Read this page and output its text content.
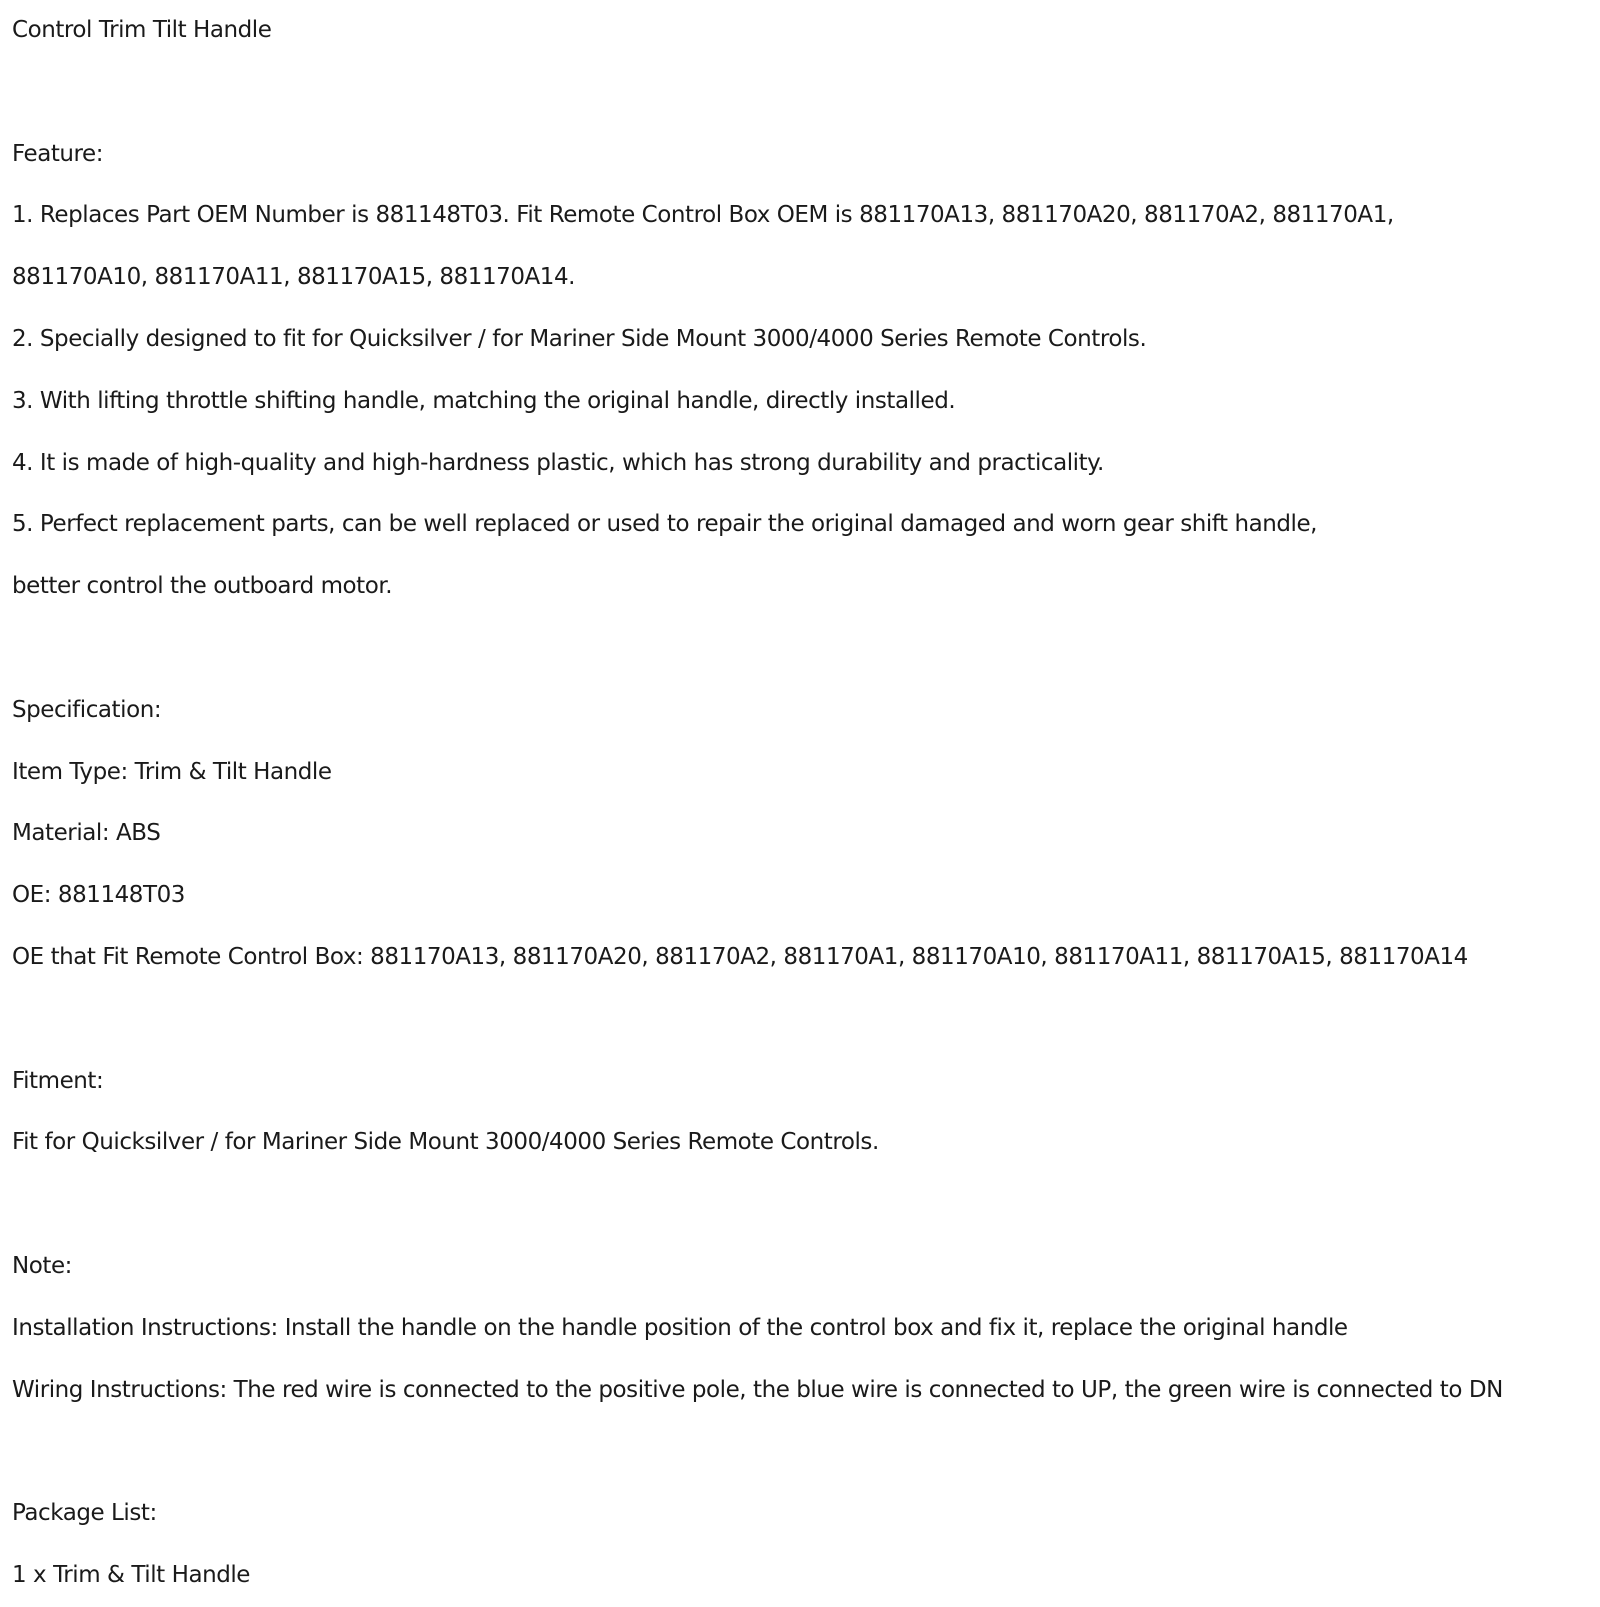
Control Trim Tilt Handle
Feature:
1. Replaces Part OEM Number is 881148T03. Fit Remote Control Box OEM is 881170A13, 881170A20, 881170A2, 881170A1,
881170A10, 881170A11, 881170A15, 881170A14.
2. Specially designed to fit for Quicksilver / for Mariner Side Mount 3000/4000 Series Remote Controls.
3. With lifting throttle shifting handle, matching the original handle, directly installed.
4. It is made of high-quality and high-hardness plastic, which has strong durability and practicality.
5. Perfect replacement parts, can be well replaced or used to repair the original damaged and worn gear shift handle,
better control the outboard motor.
Specification:
Item Type: Trim & Tilt Handle
Material: ABS
OE: 881148T03
OE that Fit Remote Control Box: 881170A13, 881170A20, 881170A2, 881170A1, 881170A10, 881170A11, 881170A15, 881170A14
Fitment:
Fit for Quicksilver / for Mariner Side Mount 3000/4000 Series Remote Controls.
Note:
Installation Instructions: Install the handle on the handle position of the control box and fix it, replace the original handle
Wiring Instructions: The red wire is connected to the positive pole, the blue wire is connected to UP, the green wire is connected to DN
Package List:
1 x Trim & Tilt Handle
